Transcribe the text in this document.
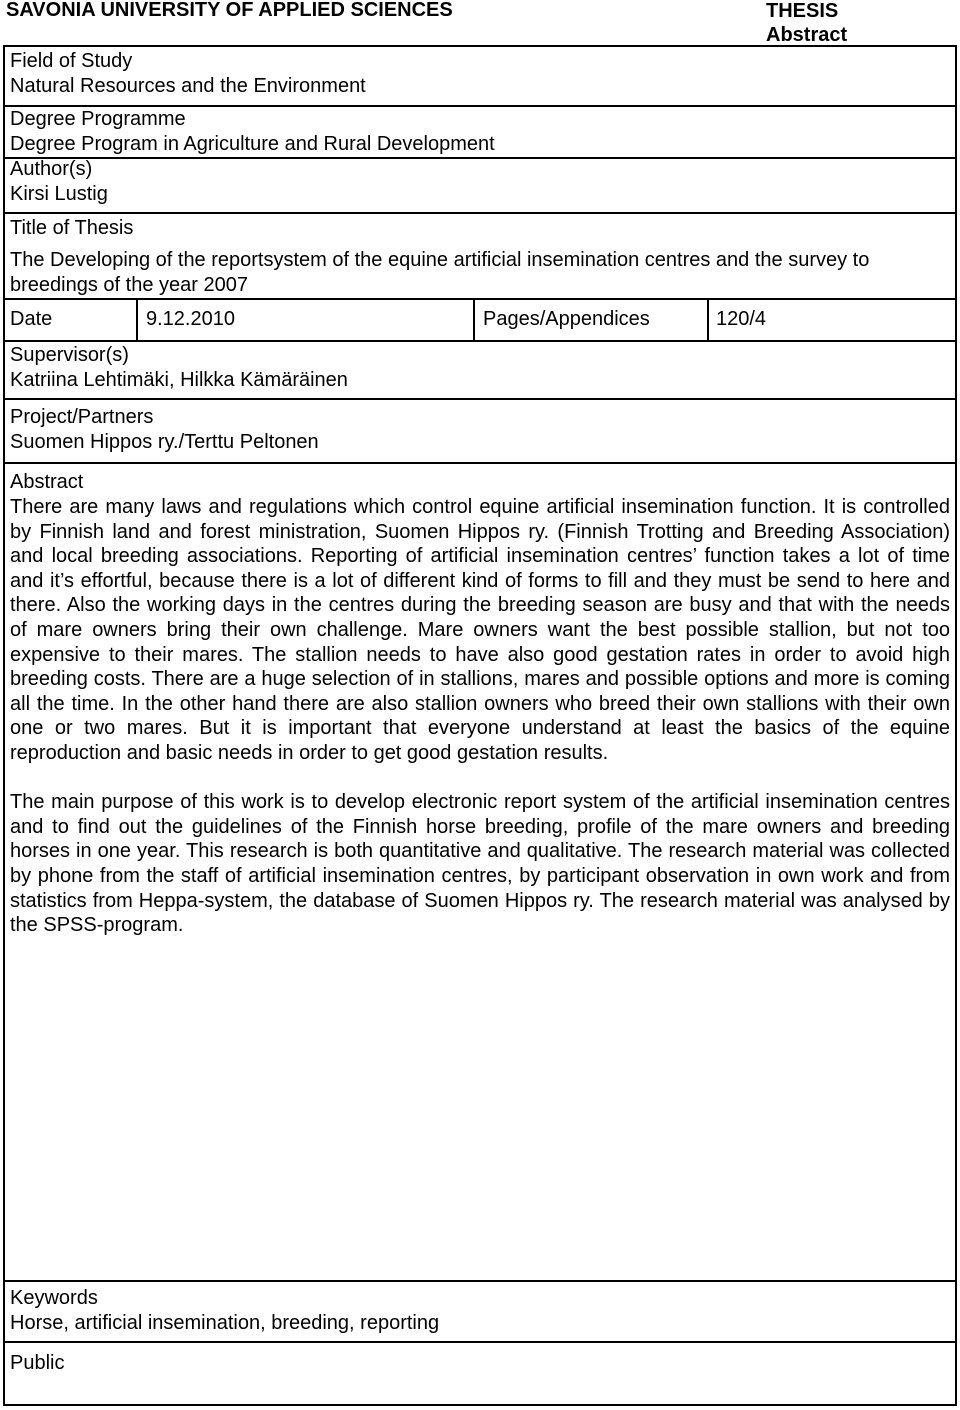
SAVONIA UNIVERSITY OF APPLIED SCIENCES	THESIS
Abstract
Field of Study
Natural Resources and the Environment
Degree Programme
Degree Program in Agriculture and Rural Development
Author(s)
Kirsi Lustig
Title of Thesis
The Developing of the reportsystem of the equine artificial insemination centres and the survey to
breedings of the year 2007
Date	9.12.2010	Pages/Appendices	120/4
Supervisor(s)
Katriina Lehtimäki, Hilkka Kämäräinen
Project/Partners
Suomen Hippos ry./Terttu Peltonen
Abstract

There are many laws and regulations which control equine artificial insemination function. It is controlled by Finnish land and forest ministration, Suomen Hippos ry. (Finnish Trotting and Breeding Association) and local breeding associations. Reporting of artificial insemination centres’ function takes a lot of time and it’s effortful, because there is a lot of different kind of forms to fill and they must be send to here and there. Also the working days in the centres during the breeding season are busy and that with the needs of mare owners bring their own challenge. Mare owners want the best possible stallion, but not too expensive to their mares. The stallion needs to have also good gestation rates in order to avoid high breeding costs. There are a huge selection of in stallions, mares and possible options and more is coming all the time. In the other hand there are also stallion owners who breed their own stallions with their own one or two mares. But it is important that everyone understand at least the basics of the equine reproduction and basic needs in order to get good gestation results.

The main purpose of this work is to develop electronic report system of the artificial insemination centres and to find out the guidelines of the Finnish horse breeding, profile of the mare owners and breeding horses in one year. This research is both quantitative and qualitative. The research material was collected by phone from the staff of artificial insemination centres, by participant observation in own work and from statistics from Heppa-system, the database of Suomen Hippos ry. The research material was analysed by the SPSS-program.

Keywords
Horse, artificial insemination, breeding, reporting
Public
